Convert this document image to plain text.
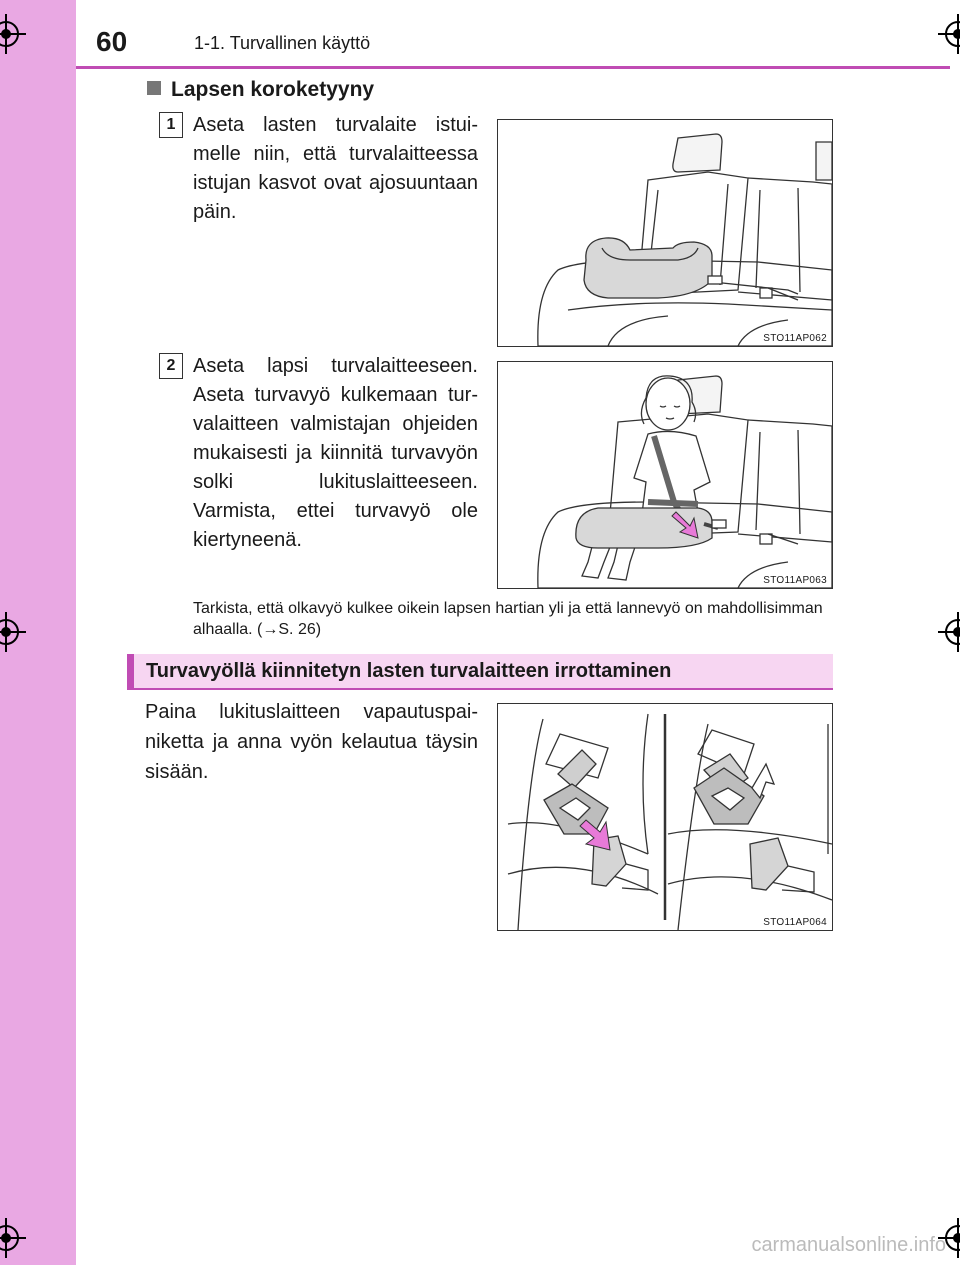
60	1-1. Turvallinen käyttö
Lapsen koroketyyny
1 Aseta lasten turvalaite istuimelle niin, että turvalaitteessa istujan kasvot ovat ajosuuntaan päin.
2 Aseta lapsi turvalaitteeseen. Aseta turvavyö kulkemaan turvalaitteen valmistajan ohjeiden mukaisesti ja kiinnitä turvavyön solki lukituslaitteeseen. Varmista, ettei turvavyö ole kiertyneenä.
Tarkista, että olkavyö kulkee oikein lapsen hartian yli ja että lannevyö on mahdollisimman alhaalla. (→S. 26)
Turvavyöllä kiinnitetyn lasten turvalaitteen irrottaminen
Paina lukituslaitteen vapautuspainiketta ja anna vyön kelautua täysin sisään.
STO11AP062
STO11AP063
STO11AP064
carmanualsonline.info
